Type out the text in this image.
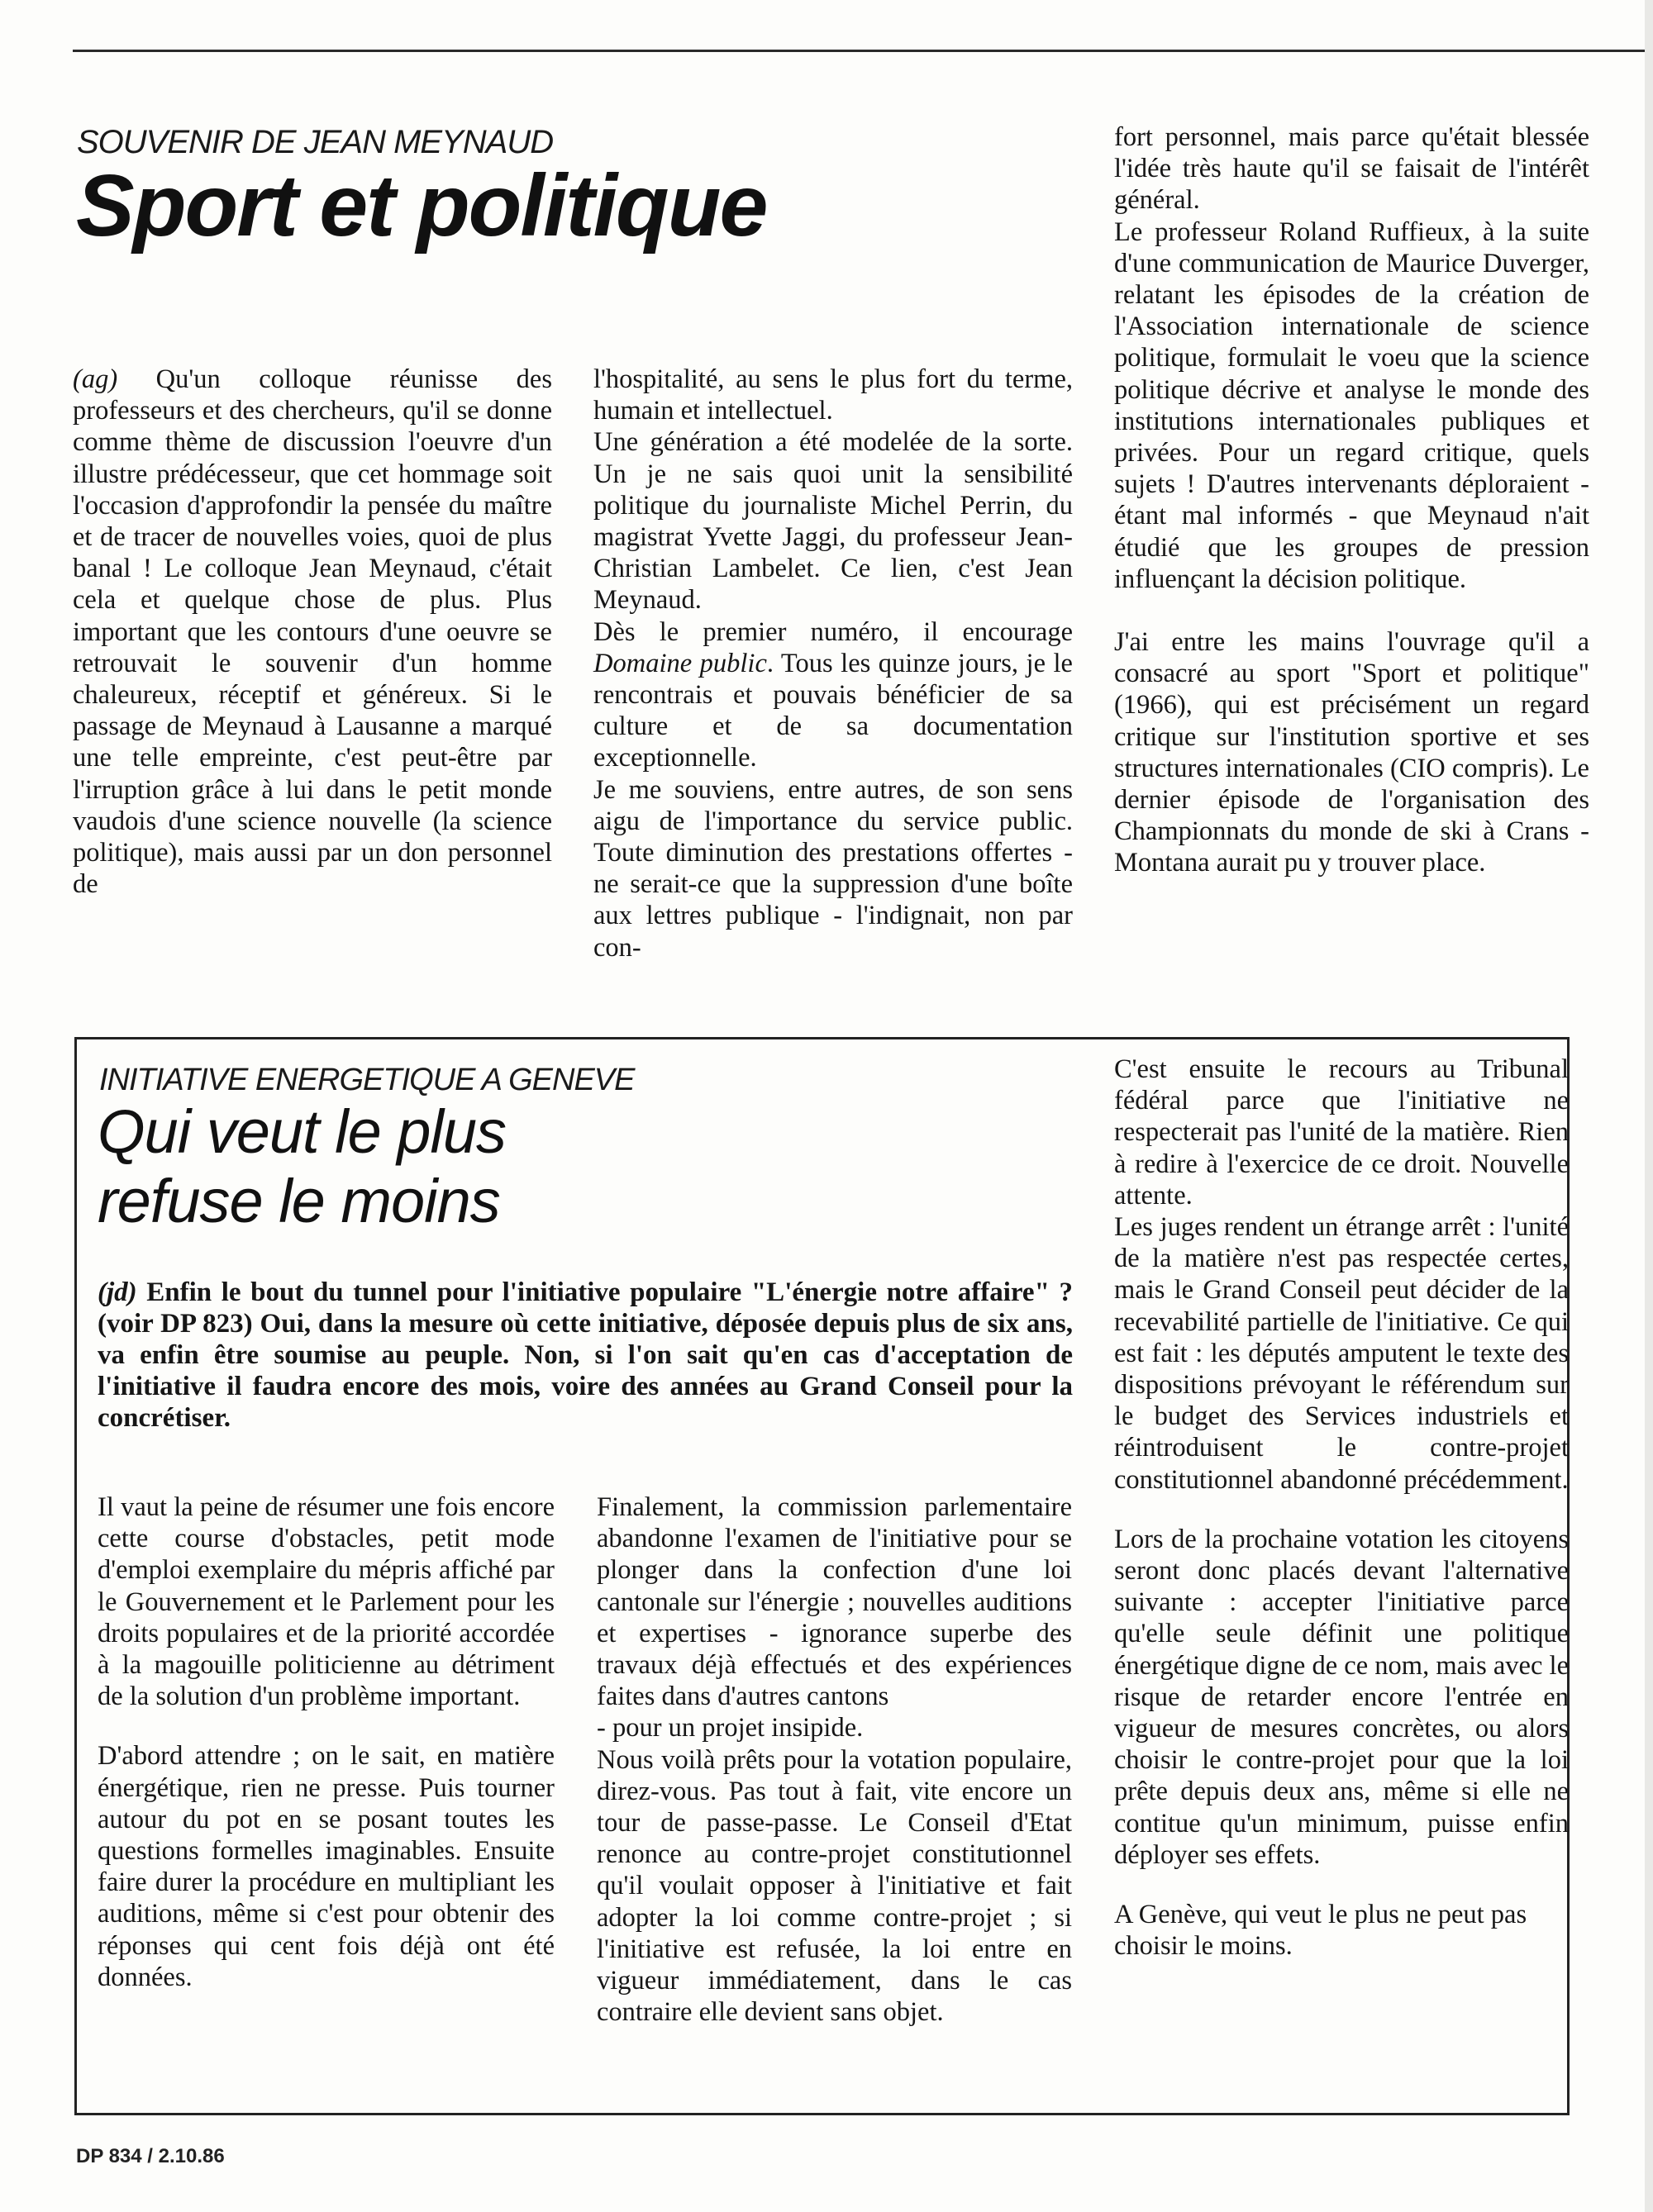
SOUVENIR DE JEAN MEYNAUD
Sport et politique

(ag) Qu'un colloque réunisse des professeurs et des chercheurs, qu'il se donne comme thème de discussion l'oeuvre d'un illustre prédécesseur, que cet hommage soit l'occasion d'approfondir la pensée du maître et de tracer de nouvelles voies, quoi de plus banal ! Le colloque Jean Meynaud, c'était cela et quelque chose de plus. Plus important que les contours d'une oeuvre se retrouvait le souvenir d'un homme chaleureux, réceptif et généreux. Si le passage de Meynaud à Lausanne a marqué une telle empreinte, c'est peut-être par l'irruption grâce à lui dans le petit monde vaudois d'une science nouvelle (la science politique), mais aussi par un don personnel de

l'hospitalité, au sens le plus fort du terme, humain et intellectuel.

Une génération a été modelée de la sorte. Un je ne sais quoi unit la sensibilité politique du journaliste Michel Perrin, du magistrat Yvette Jaggi, du professeur Jean-Christian Lambelet. Ce lien, c'est Jean Meynaud.

Dès le premier numéro, il encourage Domaine public. Tous les quinze jours, je le rencontrais et pouvais bénéficier de sa culture et de sa documentation exceptionnelle.

Je me souviens, entre autres, de son sens aigu de l'importance du service public. Toute diminution des prestations offertes - ne serait-ce que la suppression d'une boîte aux lettres publique - l'indignait, non par con-

fort personnel, mais parce qu'était blessée l'idée très haute qu'il se faisait de l'intérêt général.

Le professeur Roland Ruffieux, à la suite d'une communication de Maurice Duverger, relatant les épisodes de la création de l'Association internationale de science politique, formulait le voeu que la science politique décrive et analyse le monde des institutions internationales publiques et privées. Pour un regard critique, quels sujets ! D'autres intervenants déploraient - étant mal informés - que Meynaud n'ait étudié que les groupes de pression influençant la décision politique.

J'ai entre les mains l'ouvrage qu'il a consacré au sport "Sport et politique" (1966), qui est précisément un regard critique sur l'institution sportive et ses structures internationales (CIO compris). Le dernier épisode de l'organisation des Championnats du monde de ski à Crans - Montana aurait pu y trouver place.

INITIATIVE ENERGETIQUE A GENEVE
Qui veut le plus
refuse le moins
(jd) Enfin le bout du tunnel pour l'initiative populaire "L'énergie notre affaire" ? (voir DP 823) Oui, dans la mesure où cette initiative, déposée depuis plus de six ans, va enfin être soumise au peuple. Non, si l'on sait qu'en cas d'acceptation de l'initiative il faudra encore des mois, voire des années au Grand Conseil pour la concrétiser.

Il vaut la peine de résumer une fois encore cette course d'obstacles, petit mode d'emploi exemplaire du mépris affiché par le Gouvernement et le Parlement pour les droits populaires et de la priorité accordée à la magouille politicienne au détriment de la solution d'un problème important.

D'abord attendre ; on le sait, en matière énergétique, rien ne presse. Puis tourner autour du pot en se posant toutes les questions formelles imaginables. Ensuite faire durer la procédure en multipliant les auditions, même si c'est pour obtenir des réponses qui cent fois déjà ont été données.

Finalement, la commission parlementaire abandonne l'examen de l'initiative pour se plonger dans la confection d'une loi cantonale sur l'énergie ; nouvelles auditions et expertises - ignorance superbe des travaux déjà effectués et des expériences faites dans d'autres cantons

- pour un projet insipide.

Nous voilà prêts pour la votation populaire, direz-vous. Pas tout à fait, vite encore un tour de passe-passe. Le Conseil d'Etat renonce au contre-projet constitutionnel qu'il voulait opposer à l'initiative et fait adopter la loi comme contre-projet ; si l'initiative est refusée, la loi entre en vigueur immédiatement, dans le cas contraire elle devient sans objet.

C'est ensuite le recours au Tribunal fédéral parce que l'initiative ne respecterait pas l'unité de la matière. Rien à redire à l'exercice de ce droit. Nouvelle attente.

Les juges rendent un étrange arrêt : l'unité de la matière n'est pas respectée certes, mais le Grand Conseil peut décider de la recevabilité partielle de l'initiative. Ce qui est fait : les députés amputent le texte des dispositions prévoyant le référendum sur le budget des Services industriels et réintroduisent le contre-projet constitutionnel abandonné précédemment.

Lors de la prochaine votation les citoyens seront donc placés devant l'alternative suivante : accepter l'initiative parce qu'elle seule définit une politique énergétique digne de ce nom, mais avec le risque de retarder encore l'entrée en vigueur de mesures concrètes, ou alors choisir le contre-projet pour que la loi prête depuis deux ans, même si elle ne contitue qu'un minimum, puisse enfin déployer ses effets.

A Genève, qui veut le plus ne peut pas choisir le moins.

DP 834 / 2.10.86
